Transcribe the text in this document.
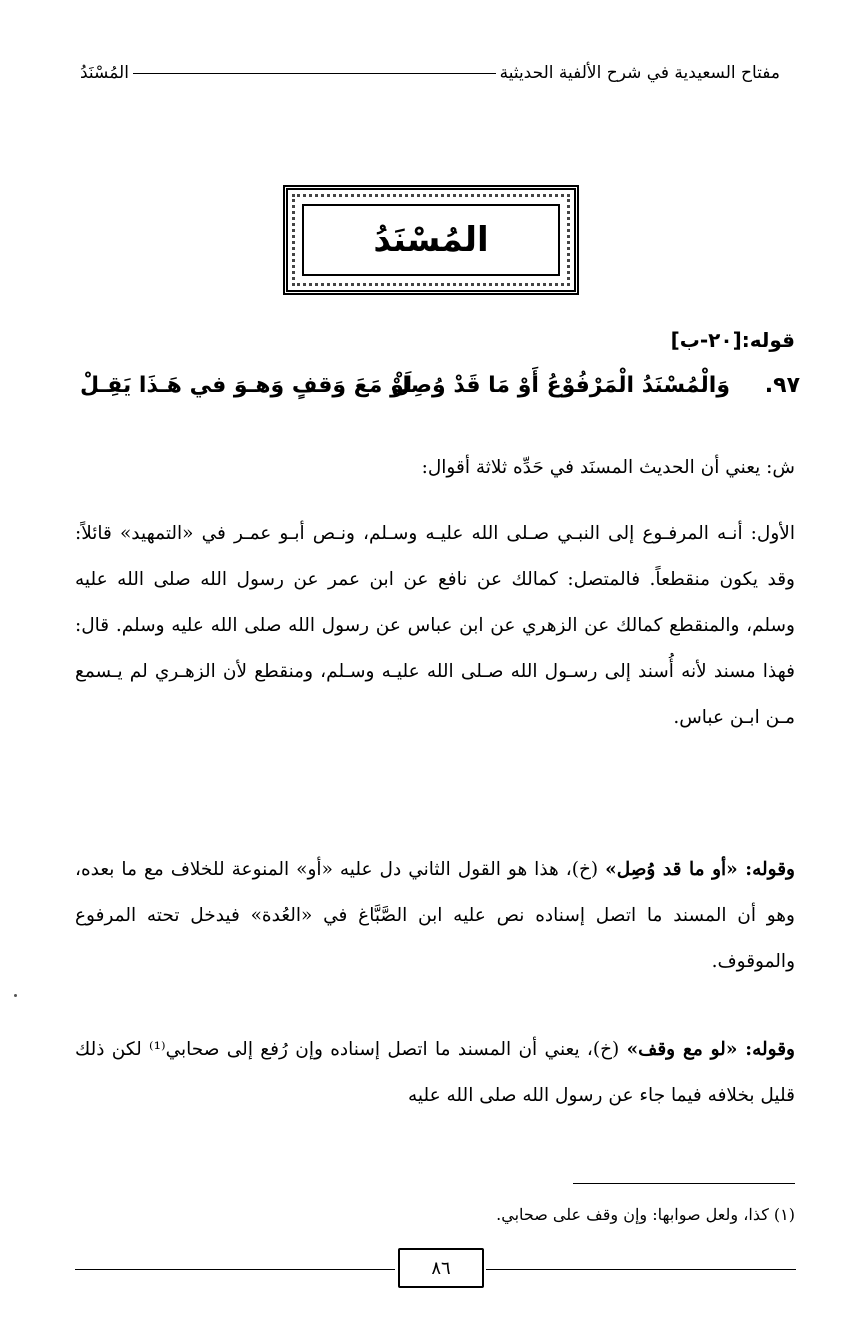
مفتاح السعيدية في شرح الألفية الحديثية
المُسْنَدُ
المُسْنَدُ
قوله:[٢٠-ب]
٩٧.
وَالْمُسْنَدُ الْمَرْفُوْعُ أَوْ مَا قَدْ وُصِلْ
لَوْ مَعَ وَقفٍ وَهـوَ في هَـذَا يَقِـلْ
ش: يعني أن الحديث المسنَد في حَدِّه ثلاثة أقوال:
الأول: أنـه المرفـوع إلى النبـي صـلى الله عليـه وسـلم، ونـص أبـو عمـر في «التمهيد» قائلاً: وقد يكون منقطعاً. فالمتصل: كمالك عن نافع عن ابن عمر عن رسول الله صلى الله عليه وسلم، والمنقطع كمالك عن الزهري عن ابن عباس عن رسول الله صلى الله عليه وسلم. قال: فهذا مسند لأنه أُسند إلى رسـول الله صـلى الله عليـه وسـلم، ومنقطع لأن الزهـري لم يـسمع مـن ابـن عباس.
وقوله: «أو ما قد وُصِل» (خ)، هذا هو القول الثاني دل عليه «أو» المنوعة للخلاف مع ما بعده، وهو أن المسند ما اتصل إسناده نص عليه ابن الصَّبَّاغ في «العُدة» فيدخل تحته المرفوع والموقوف.
وقوله: «لو مع وقف» (خ)، يعني أن المسند ما اتصل إسناده وإن رُفع إلى صحابي⁽¹⁾ لكن ذلك قليل بخلافه فيما جاء عن رسول الله صلى الله عليه
(١) كذا، ولعل صوابها: وإن وقف على صحابي.
٨٦
